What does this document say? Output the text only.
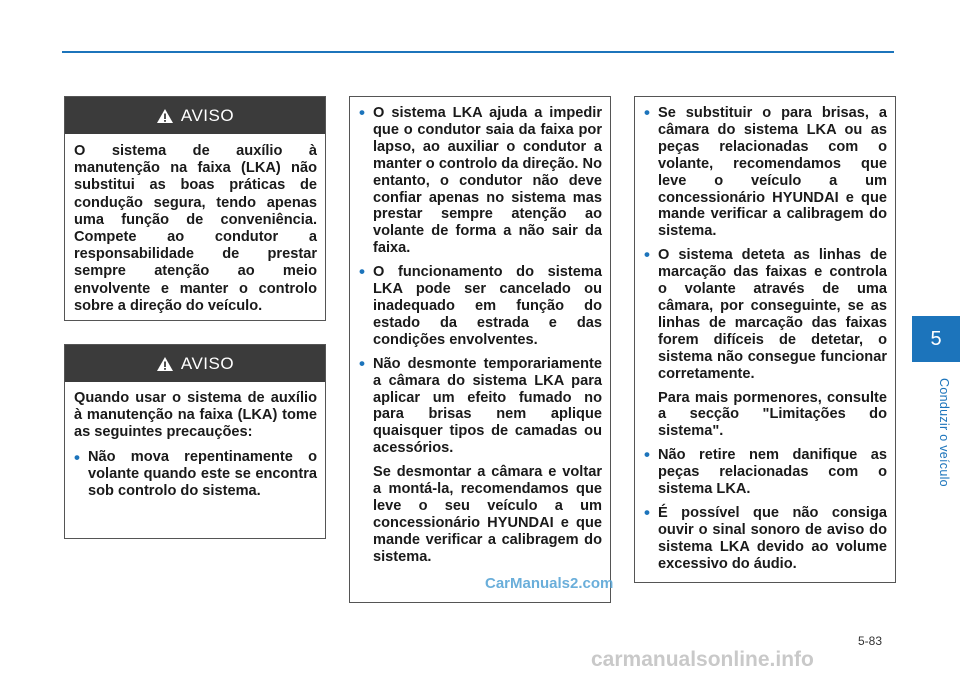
AVISO

O sistema de auxílio à manutenção na faixa (LKA) não substitui as boas práticas de condução segura, tendo apenas uma função de conveniência. Compete ao condutor a responsabilidade de prestar sempre atenção ao meio envolvente e manter o controlo sobre a direção do veículo.

AVISO

Quando usar o sistema de auxílio à manutenção na faixa (LKA) tome as seguintes precauções:

• Não mova repentinamente o volante quando este se encontra sob controlo do sistema.
• O sistema LKA ajuda a impedir que o condutor saia da faixa por lapso, ao auxiliar o condutor a manter o controlo da direção. No entanto, o condutor não deve confiar apenas no sistema mas prestar sempre atenção ao volante de forma a não sair da faixa.
• O funcionamento do sistema LKA pode ser cancelado ou inadequado em função do estado da estrada e das condições envolventes.
• Não desmonte temporariamente a câmara do sistema LKA para aplicar um efeito fumado no para brisas nem aplique quaisquer tipos de camadas ou acessórios.

Se desmontar a câmara e voltar a montá-la, recomendamos que leve o seu veículo a um concessionário HYUNDAI e que mande verificar a calibragem do sistema.

• Se substituir o para brisas, a câmara do sistema LKA ou as peças relacionadas com o volante, recomendamos que leve o veículo a um concessionário HYUNDAI e que mande verificar a calibragem do sistema.
• O sistema deteta as linhas de marcação das faixas e controla o volante através de uma câmara, por conseguinte, se as linhas de marcação das faixas forem difíceis de detetar, o sistema não consegue funcionar corretamente.

Para mais pormenores, consulte a secção "Limitações do sistema".

• Não retire nem danifique as peças relacionadas com o sistema LKA.
• É possível que não consiga ouvir o sinal sonoro de aviso do sistema LKA devido ao volume excessivo do áudio.
5
Conduzir o veículo
5-83
CarManuals2.com
carmanualsonline.info
